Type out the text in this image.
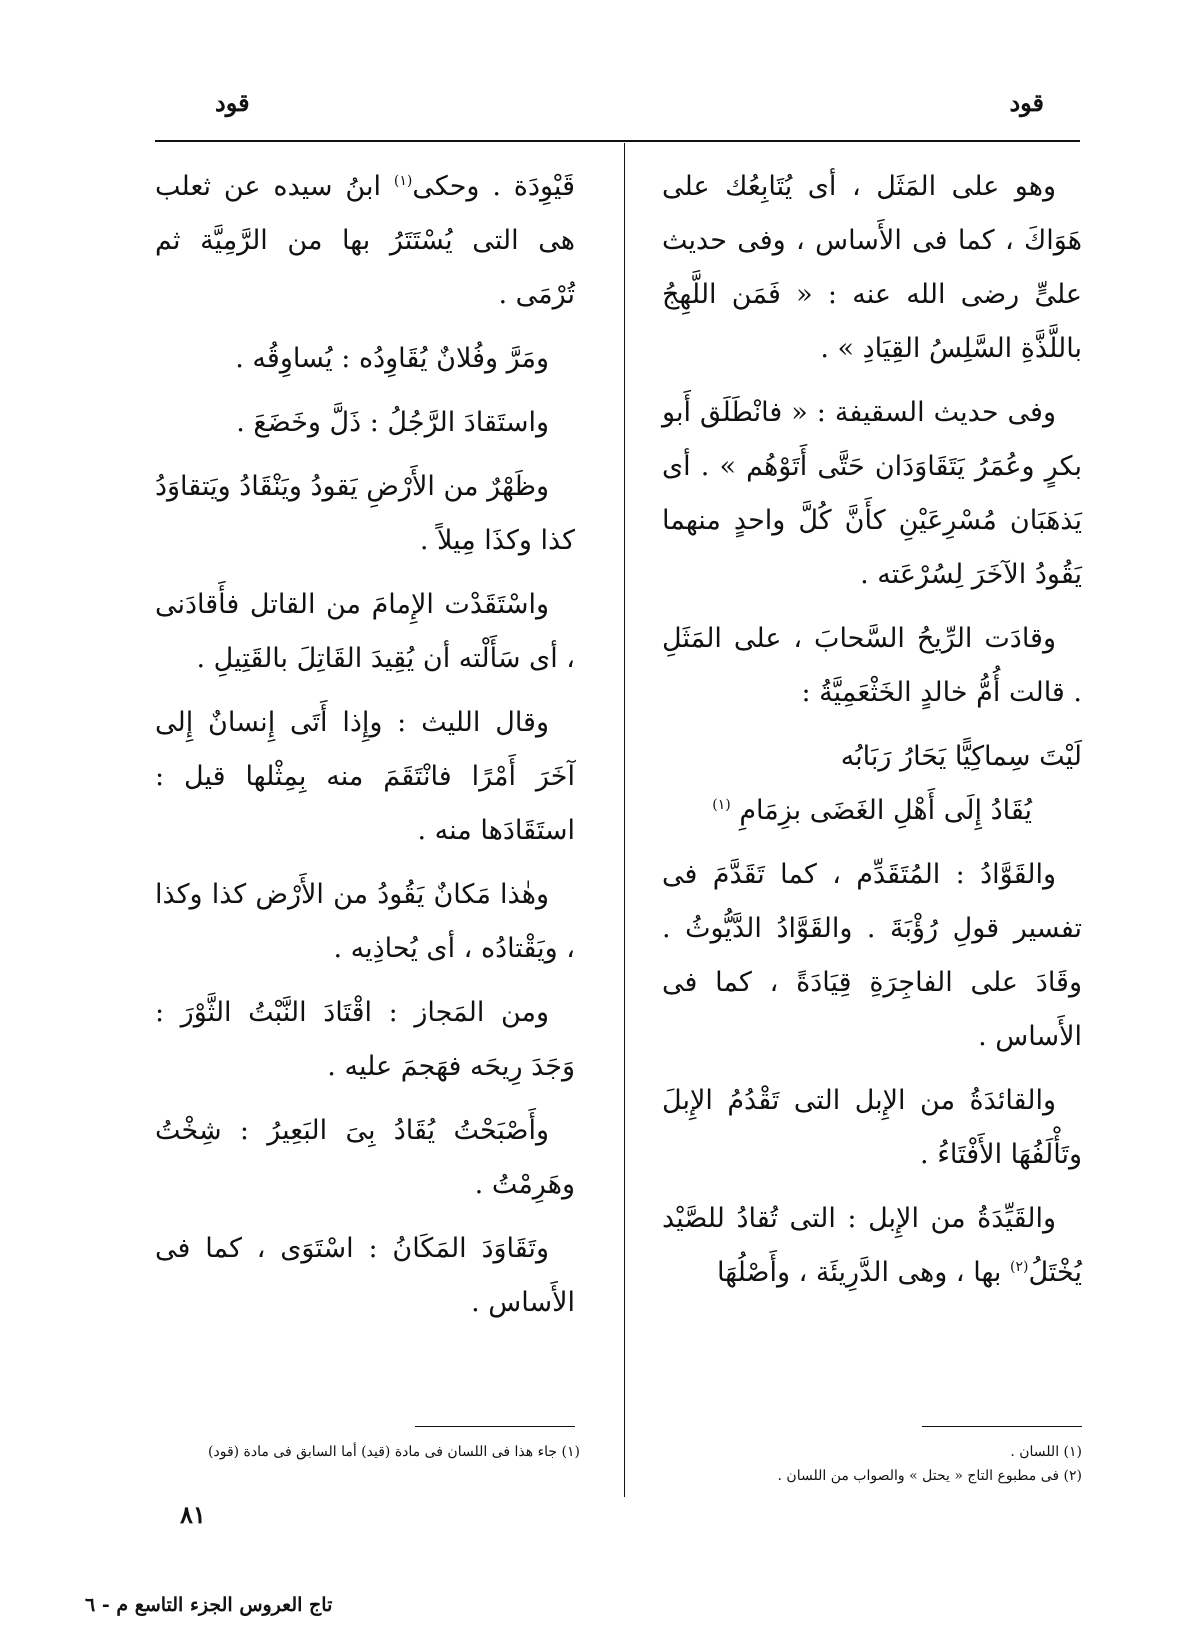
قود
قود

وهو على المَثَل ، أى يُتَابِعُك على هَوَاكَ ، كما فى الأَساس ، وفى حديث علىٍّ رضى الله عنه : « فَمَن اللَّهِجُ باللَّذَّةِ السَّلِسُ القِيَادِ » .

وفى حديث السقيفة : « فانْطَلَق أَبو بكرٍ وعُمَرُ يَتَقَاوَدَان حَتَّى أَتَوْهُم » . أى يَذهَبَان مُسْرِعَيْنِ كأَنَّ كُلَّ واحدٍ منهما يَقُودُ الآخَرَ لِسُرْعَته .

وقادَت الرِّيحُ السَّحابَ ، على المَثَلِ . قالت أُمُّ خالدٍ الخَثْعَمِيَّةُ :

لَيْتَ سِماكِيًّا يَحَارُ رَبَابُه
يُقَادُ إِلَى أَهْلِ الغَضَى بزِمَامِ $^{(١)}$

والقَوَّادُ : المُتَقَدِّم ، كما تَقَدَّمَ فى تفسير قولِ رُؤْبَةَ . والقَوَّادُ الدَّيُّوثُ . وقَادَ على الفاجِرَةِ قِيَادَةً ، كما فى الأَساس .

والقائدَةُ من الإِبل التى تَقْدُمُ الإِبلَ وتَأْلَفُهَا الأَفْتَاءُ .

والقَيِّدَةُ من الإِبل : التى تُقادُ للصَّيْد يُخْتَلُ$^{(٢)}$ بها ، وهى الدَّرِيئَة ، وأَصْلُهَا

قَيْوِدَة . وحكى$^{(١)}$ ابنُ سيده عن ثعلب هى التى يُسْتَتَرُ بها من الرَّمِيَّة ثم تُرْمَى .

ومَرَّ وفُلانٌ يُقَاوِدُه : يُساوِقُه .

واستَقادَ الرَّجُلُ : ذَلَّ وخَضَعَ .

وظَهْرٌ من الأَرْضِ يَقودُ ويَنْقَادُ ويَتقاوَدُ كذا وكذَا مِيلاً .

واسْتَقَدْت الإِمامَ من القاتل فأَقادَنى ، أى سَأَلْته أن يُقِيدَ القَاتِلَ بالقَتِيلِ .

وقال الليث : وإِذا أَتَى إِنسانٌ إِلى آخَرَ أَمْرًا فانْتَقَمَ منه بِمِثْلها قيل : استَقَادَها منه .

وهٰذا مَكانٌ يَقُودُ من الأَرْض كذا وكذا ، ويَقْتادُه ، أى يُحاذِيه .

ومن المَجاز : اقْتَادَ النَّبْتُ الثَّوْرَ : وَجَدَ رِيحَه فهَجمَ عليه .

وأَصْبَحْتُ يُقَادُ بِىَ البَعِيرُ : شِخْتُ وهَرِمْتُ .

وتَقَاوَدَ المَكَانُ : اسْتَوَى ، كما فى الأَساس .

(١) اللسان .
(٢) فى مطبوع التاج « يحتل » والصواب من اللسان .
(١) جاء هذا فى اللسان فى مادة (قيد) أما السابق فى مادة (قود)
٨١
تاج العروس الجزء التاسع م - ٦
